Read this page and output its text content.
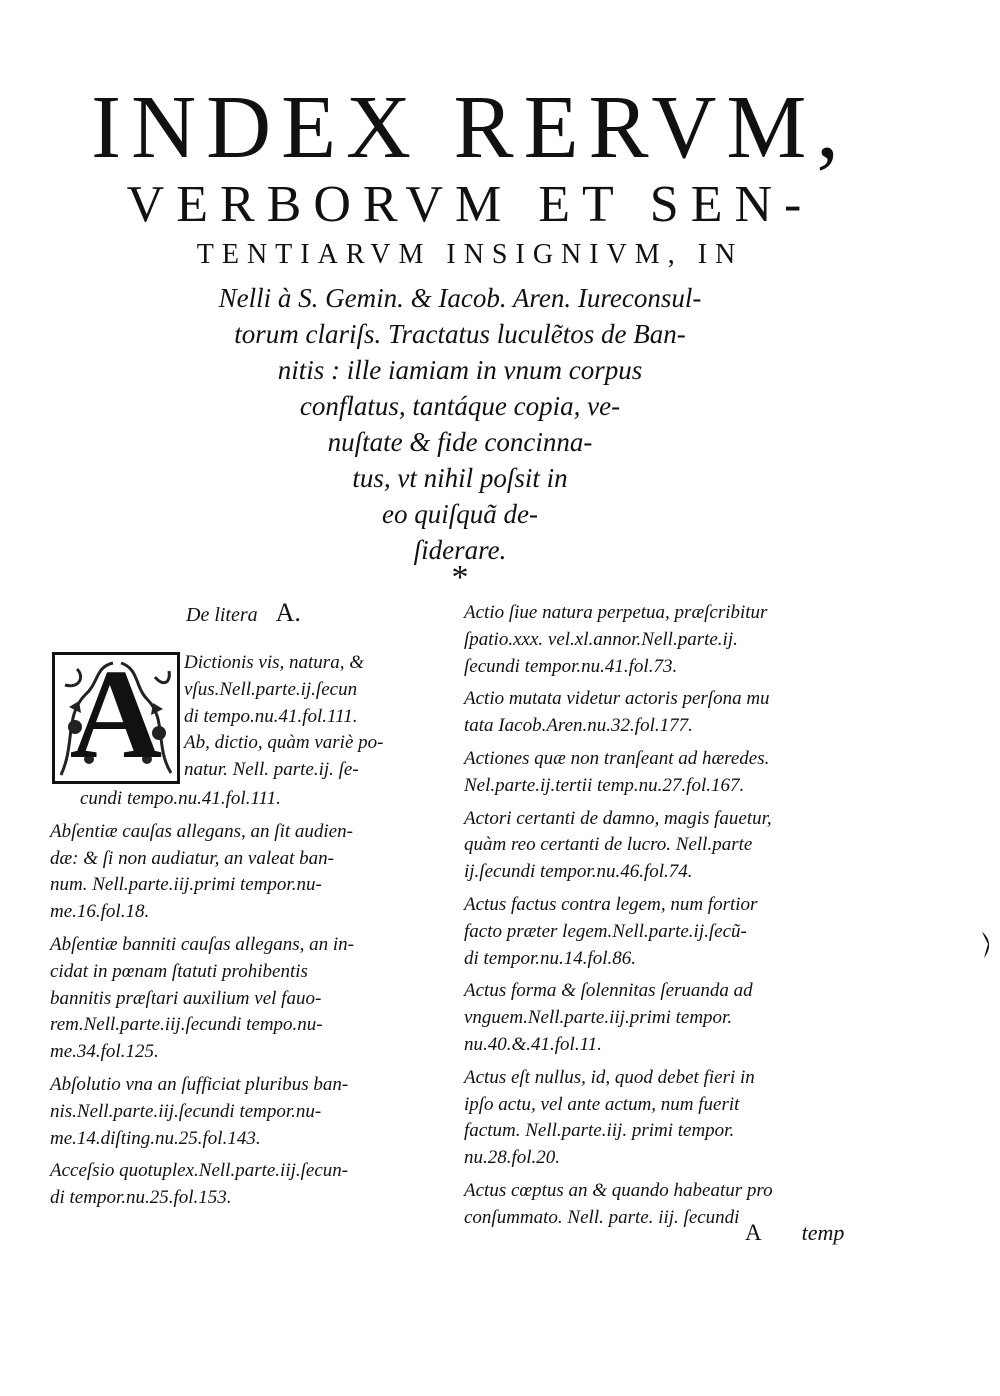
INDEX RERVM,
VERBORVM ET SEN-
TENTIARVM INSIGNIVM, IN
Nelli à S. Gemin. & Iacob. Aren. Iureconsul-
torum clariſs. Tractatus luculẽtos de Ban-
nitis : ille iamiam in vnum corpus
conflatus, tantáque copia, ve-
nuſtate & fide concinna-
tus, vt nihil poſsit in
eo quiſquã de-
ſiderare.
*
De litera A.
A	Dictionis vis, natura, &
vſus.Nell.parte.ij.ſecun
di tempo.nu.41.fol.111.
Ab, dictio, quàm variè po-
natur. Nell. parte.ij. ſe-
cundi tempo.nu.41.fol.111.
Abſentiæ cauſas allegans, an ſit audien-
dæ: & ſi non audiatur, an valeat ban-
num. Nell.parte.iij.primi tempor.nu-
me.16.fol.18.
Abſentiæ banniti cauſas allegans, an in-
cidat in pœnam ſtatuti prohibentis
bannitis præſtari auxilium vel fauo-
rem.Nell.parte.iij.ſecundi tempo.nu-
me.34.fol.125.
Abſolutio vna an ſufficiat pluribus ban-
nis.Nell.parte.iij.ſecundi tempor.nu-
me.14.diſting.nu.25.fol.143.
Acceſsio quotuplex.Nell.parte.iij.ſecun-
di tempor.nu.25.fol.153.
Actio ſiue natura perpetua, præſcribitur
ſpatio.xxx. vel.xl.annor.Nell.parte.ij.
ſecundi tempor.nu.41.fol.73.
Actio mutata videtur actoris perſona mu
tata Iacob.Aren.nu.32.fol.177.
Actiones quæ non tranſeant ad hæredes.
Nel.parte.ij.tertii temp.nu.27.fol.167.
Actori certanti de damno, magis fauetur,
quàm reo certanti de lucro. Nell.parte
ij.ſecundi tempor.nu.46.fol.74.
Actus factus contra legem, num fortior
facto præter legem.Nell.parte.ij.ſecũ-
di tempor.nu.14.fol.86.
Actus forma & ſolennitas ſeruanda ad
vnguem.Nell.parte.iij.primi tempor.
nu.40.&.41.fol.11.
Actus eſt nullus, id, quod debet fieri in
ipſo actu, vel ante actum, num fuerit
factum. Nell.parte.iij. primi tempor.
nu.28.fol.20.
Actus cœptus an & quando habeatur pro
conſummato. Nell. parte. iij. ſecundi
A temp
